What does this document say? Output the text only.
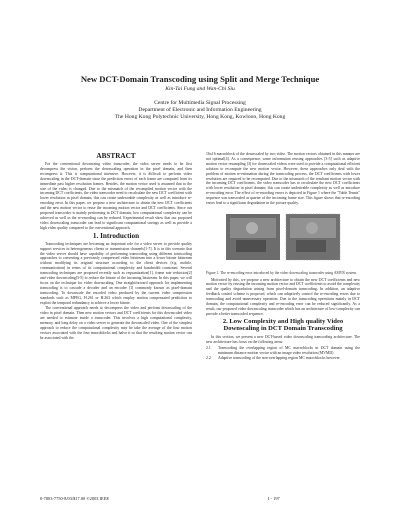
New DCT-Domain Transcoding using Split and Merge Technique
Kin-Tai Fung and Wan-Chi Siu
Centre for Multimedia Signal Processing
Department of Electronic and Information Engineering
The Hong Kong Polytechnic University, Hong Kong, Kowloon, Hong Kong
ABSTRACT

For the conventional downsizing video transcoder, the video server needs to be first decompress the vision, perform the downscaling operation in the pixel domain, and then recompress it. This is computational intensive. However, it is difficult to perform video downscaling in the DCT-domain since the prediction errors of each frame are computed from its immediate past higher resolution frames. Besides, the motion vector used is assumed that to the size of the video is changed. Due to the mismatch of the recompiled motion vector with the incoming DCT coefficients, the video transcoder need to recalculate the new DCT coefficient with lower resolution in pixel domain, this can create undesirable complexity as well as introduce re-encoding error. In this paper, we propose a new architecture to obtain the new DCT coefficients and the new motion vector to reuse the incoming motion vector and DCT coefficients. Since our proposed transcoder is mainly performing in DCT domain, low computational complexity can be achieved as well as the re-encoding can be reduced. Experimental result show that our proposed video downscaling transcoder can lead to significant computational savings as well as provide a high video quality compared to the conventional approach.

1. Introduction

Transcoding techniques are becoming an important role for a video server to provide quality support services in heterogeneous clients or transmission channels[1-7]. It is in this scenario that the video server should have capability of performing transcoding using different transcoding approaches to converting a previously compressed video bitstream into a lower bitrate bitstream without modifying its original structure according to the client devices (e.g. mobile, communication) in terms of its computational complexity and bandwidth constraint. Several transcoding techniques are proposed recently such as requantization[1], frame rate reduction[2] and video downscaling[3-5] to reduce the bitrate of the incoming bitstream. In this paper, we will focus on the technique for video downscaling. One straightforward approach for implementing transcoding is to cascade a decoder and an encoder [1] commonly known as pixel-domain transcoding. To downscale the encoded video produced by the current video compression standards such as MPEG, H.261 or H.263 which employ motion compensated prediction to exploit the temporal redundancy to achieve a lower bitrate.

The conventional approach needs to decompress the video and perform downscaling of the video in pixel domain. Then new motion vectors and DCT coefficients for this downscaled video are needed to estimate inside a transcoder. This involves a high computational complexity, memory, and long delay on a video server to generate the downscaled video. One of the simplest approach to reduce the computational complexity may be take the average of the four motion vectors associated with the four macroblocks and halve it so that the resulting motion vector can be associated with the

16x16 macroblock of the downscaled by two video. The motion vectors obtained in this manner are not optimal[4]. As a consequence, some information reusing approaches [3-5] such as adaptive motion vector resampling [3] for downscaled videos were used to provide a computational efficient solution to recompute the new motion vector. However, these approaches only deal with the problem of motion re-estimation during the transcoding process, the DCT coefficients with lower resolution are required to be recomputed. Due to the mismatch of the resultant motion vector with the incoming DCT coefficients, the video transcoder has to recalculate the new DCT coefficients with lower resolution in pixel domain; this can create undesirable complexity as well as introduce re-encoding error. The effect of re-encoding errors is depicted in Figure 1 where the "Table Tennis" sequence was transcoded at quarter of the incoming frame size. This figure shows that re-encoding errors lead to a significant degradation in the picture quality.

Figure 1. The re-encoding error introduced by the video downscaling transcoder using AMVR system.

Motivated by this, we propose a new architecture to obtain the new DCT coefficients and new motion vector by reusing the incoming motion vector and DCT coefficients to avoid the complexity and the quality degradation arising from pixel-domain transcoding. In addition, an adaptive feedback control scheme is proposed, which can adaptively control the re-encoding errors due to transcoding and avoid unnecessary operation. Due to the transcoding operations mainly in DCT domain, the computational complexity and re-encoding error can be reduced significantly. As a result, our proposed video downscaling transcoder which has an architecture of low-complexity can provide a better transcoded sequence.

2. Low Complexity and High quality Video Downscaling in DCT Domain Transcoding

In this section, we present a new DCT-based video downscaling transcoding architecture. The new architecture has focus on the following areas:

2.1	Transcoding the overlapping region of MC macroblocks in DCT domain using the minimum distance motion vector with an image video resolution (MVMD)
2.2	Adaptive transcoding of the non-overlapping region MC macroblocks however
0-7803-7750-8/03/$17.00 ©2003 IEEE	I - 197
